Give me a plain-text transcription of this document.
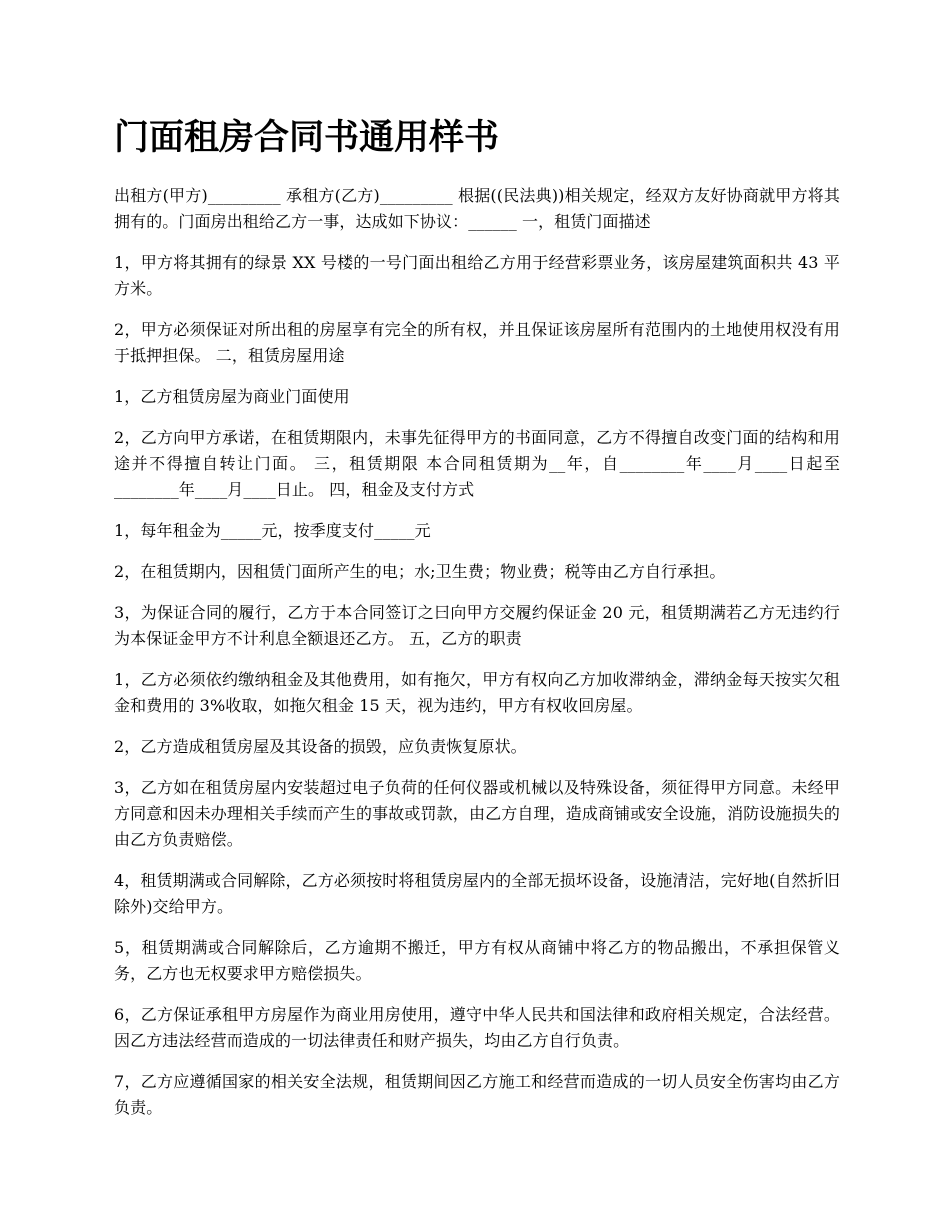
门面租房合同书通用样书

出租方(甲方)_________ 承租方(乙方)_________ 根据((民法典))相关规定，经双方友好协商就甲方将其拥有的。门面房出租给乙方一事，达成如下协议：______ 一，租赁门面描述

1，甲方将其拥有的绿景 XX 号楼的一号门面出租给乙方用于经营彩票业务，该房屋建筑面积共 43 平方米。

2，甲方必须保证对所出租的房屋享有完全的所有权，并且保证该房屋所有范围内的土地使用权没有用于抵押担保。 二，租赁房屋用途

1，乙方租赁房屋为商业门面使用

2，乙方向甲方承诺，在租赁期限内，未事先征得甲方的书面同意，乙方不得擅自改变门面的结构和用途并不得擅自转让门面。 三，租赁期限 本合同租赁期为__年，自________年____月____日起至________年____月____日止。 四，租金及支付方式

1，每年租金为_____元，按季度支付_____元

2，在租赁期内，因租赁门面所产生的电；水;卫生费；物业费；税等由乙方自行承担。

3，为保证合同的履行，乙方于本合同签订之曰向甲方交履约保证金 20 元，租赁期满若乙方无违约行为本保证金甲方不计利息全额退还乙方。 五，乙方的职责

1，乙方必须依约缴纳租金及其他费用，如有拖欠，甲方有权向乙方加收滞纳金，滞纳金每天按实欠租金和费用的 3%收取，如拖欠租金 15 天，视为违约，甲方有权收回房屋。

2，乙方造成租赁房屋及其设备的损毁，应负责恢复原状。

3，乙方如在租赁房屋内安装超过电子负荷的任何仪器或机械以及特殊设备，须征得甲方同意。未经甲方同意和因未办理相关手续而产生的事故或罚款，由乙方自理，造成商铺或安全设施，消防设施损失的由乙方负责赔偿。

4，租赁期满或合同解除，乙方必须按时将租赁房屋内的全部无损坏设备，设施清洁，完好地(自然折旧除外)交给甲方。

5，租赁期满或合同解除后，乙方逾期不搬迁，甲方有权从商铺中将乙方的物品搬出，不承担保管义务，乙方也无权要求甲方赔偿损失。

6，乙方保证承租甲方房屋作为商业用房使用，遵守中华人民共和国法律和政府相关规定，合法经营。因乙方违法经营而造成的一切法律责任和财产损失，均由乙方自行负责。

7，乙方应遵循国家的相关安全法规，租赁期间因乙方施工和经营而造成的一切人员安全伤害均由乙方负责。
